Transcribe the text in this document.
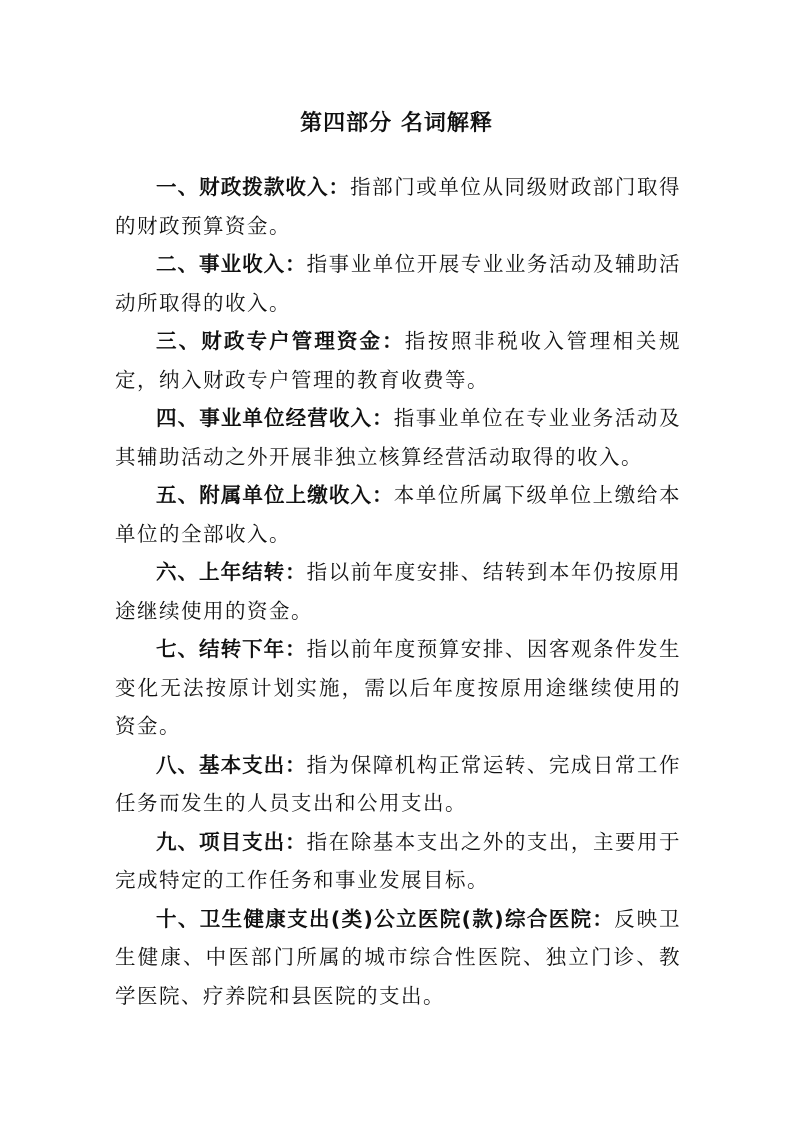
第四部分 名词解释

一、财政拨款收入：指部门或单位从同级财政部门取得的财政预算资金。

二、事业收入：指事业单位开展专业业务活动及辅助活动所取得的收入。

三、财政专户管理资金：指按照非税收入管理相关规定，纳入财政专户管理的教育收费等。

四、事业单位经营收入：指事业单位在专业业务活动及其辅助活动之外开展非独立核算经营活动取得的收入。

五、附属单位上缴收入：本单位所属下级单位上缴给本单位的全部收入。

六、上年结转：指以前年度安排、结转到本年仍按原用途继续使用的资金。

七、结转下年：指以前年度预算安排、因客观条件发生变化无法按原计划实施，需以后年度按原用途继续使用的资金。

八、基本支出：指为保障机构正常运转、完成日常工作任务而发生的人员支出和公用支出。

九、项目支出：指在除基本支出之外的支出，主要用于完成特定的工作任务和事业发展目标。

十、卫生健康支出(类)公立医院(款)综合医院：反映卫生健康、中医部门所属的城市综合性医院、独立门诊、教学医院、疗养院和县医院的支出。
